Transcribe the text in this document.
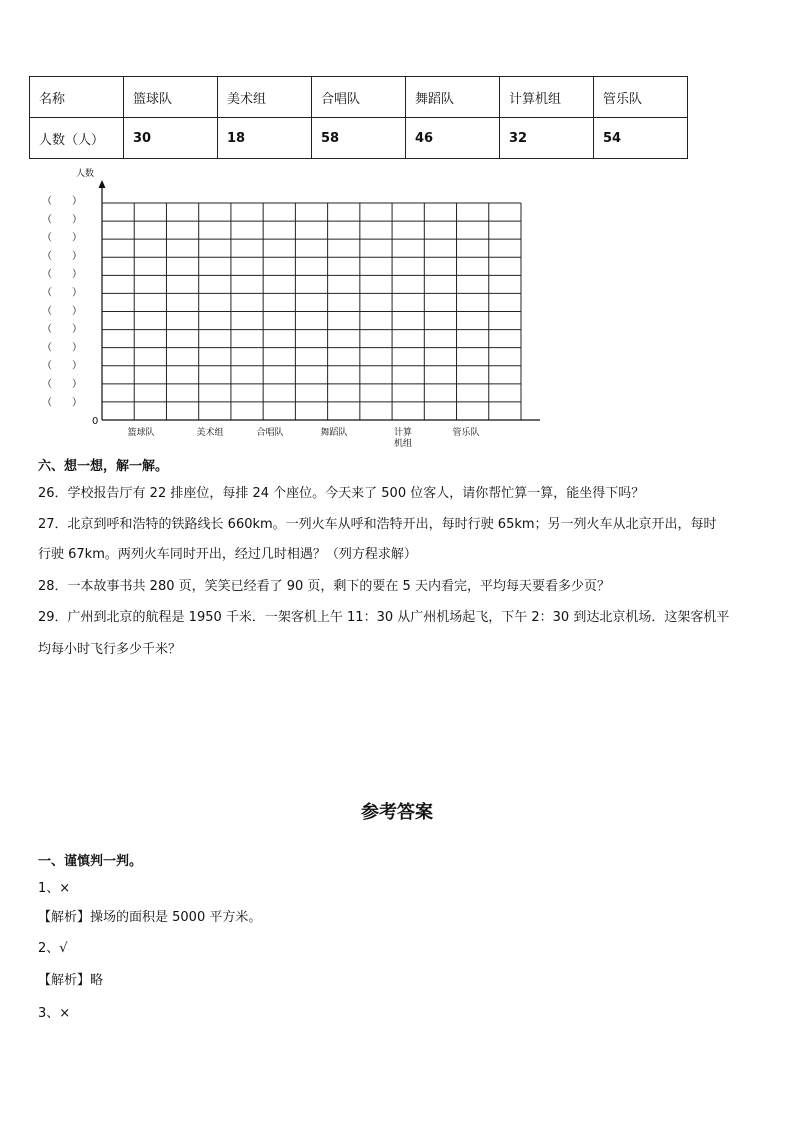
名称	篮球队	美术组	合唱队	舞蹈队	计算机组	管乐队
人数（人）	30	18	58	46	32	54
人数
0
（　　）
（　　）
（　　）
（　　）
（　　）
（　　）
（　　）
（　　）
（　　）
（　　）
（　　）
（　　）
篮球队	美术组	合唱队	舞蹈队	计算
机组
管乐队
六、想一想，解一解。
26．学校报告厅有 22 排座位，每排 24 个座位。今天来了 500 位客人，请你帮忙算一算，能坐得下吗？
27．北京到呼和浩特的铁路线长 660km。一列火车从呼和浩特开出，每时行驶 65km；另一列火车从北京开出，每时
行驶 67km。两列火车同时开出，经过几时相遇？（列方程求解）
28．一本故事书共 280 页，笑笑已经看了 90 页，剩下的要在 5 天内看完，平均每天要看多少页？
29．广州到北京的航程是 1950 千米．一架客机上午 11：30 从广州机场起飞，下午 2：30 到达北京机场．这架客机平
均每小时飞行多少千米？
参考答案
一、谨慎判一判。
1、×
【解析】操场的面积是 5000 平方米。
2、√
【解析】略
3、×
